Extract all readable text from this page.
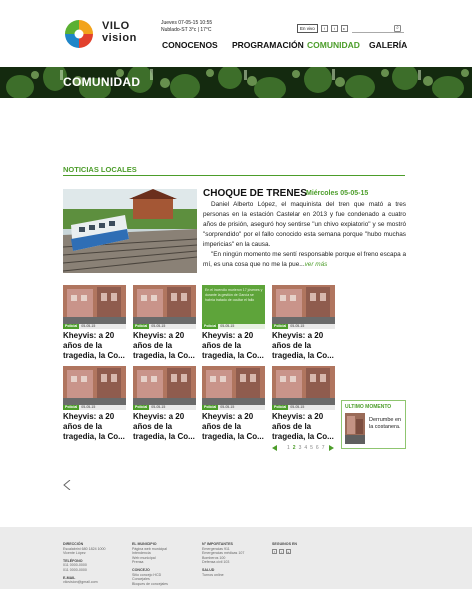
VILO
vision
Jueves 07-05-15 10:55
Nublado-ST 3°c | 17°C	En vivo	f	t	▸	⌕
CONOCENOS PROGRAMACIÓN COMUNIDAD GALERÍA
COMUNIDAD
NOTICIAS LOCALES
CHOQUE DE TRENES Miércoles 05-05-15

Daniel Alberto López, el maquinista del tren que mató a tres personas en la estación Castelar en 2013 y fue condenado a cuatro años de prisión, aseguró hoy sentirse "un chivo expiatorio" y se mostró "sorprendido" por el fallo conocido esta semana porque "hubo muchas impericias" en la causa.

"En ningún momento me sentí responsable porque el freno escapa a mí, es una cosa que no me la pue...ver más

Policial 05-05-15
Kheyvis: a 20 años de la tragedia, la Co...
Policial 05-05-15
Kheyvis: a 20 años de la tragedia, la Co...
En el incendio murieron 17 jóvenes y durante la gestión de García se habría tratado de ocultar el fallo
Policial 05-05-15
Kheyvis: a 20 años de la tragedia, la Co...
Policial 05-05-15
Kheyvis: a 20 años de la tragedia, la Co...
Policial 05-05-15
Kheyvis: a 20 años de la tragedia, la Co...
Policial 05-05-15
Kheyvis: a 20 años de la tragedia, la Co...
Policial 05-05-15
Kheyvis: a 20 años de la tragedia, la Co...
Policial 05-05-15
Kheyvis: a 20 años de la tragedia, la Co...
ULTIMO MOMENTO
Derrumbe en la costanera.
1 2 3 4 5 6 7
DIRECCIÓN
Escalabrini 680 1824 1000
Vicente López
TELÉFONO
011 0000-0000
011 0000-0000
E-MAIL
vilovision@gmail.com
EL MUNICIPIO
Página web municipal
Intendencia
Web municipal
Prensa
CONCEJO
Sitio concejo HCD
Concejales
Bloques de concejales
N° IMPORTANTES
Emergencias 911
Emergencias médicas 107
Bomberos 100
Defensa civil 103
SALUD
Turnos online
SEGUINOS EN
f	t	▸
